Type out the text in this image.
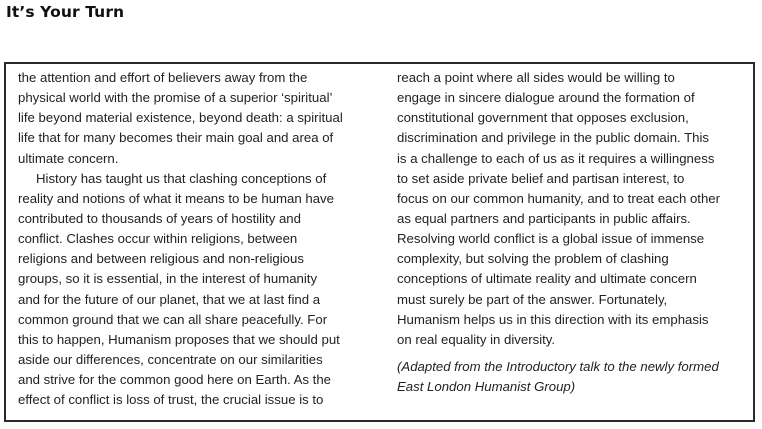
It’s Your Turn
the attention and effort of believers away from the
physical world with the promise of a superior ‘spiritual’
life beyond material existence, beyond death: a spiritual
life that for many becomes their main goal and area of
ultimate concern.
History has taught us that clashing conceptions of
reality and notions of what it means to be human have
contributed to thousands of years of hostility and
conflict. Clashes occur within religions, between
religions and between religious and non-religious
groups, so it is essential, in the interest of humanity
and for the future of our planet, that we at last find a
common ground that we can all share peacefully. For
this to happen, Humanism proposes that we should put
aside our differences, concentrate on our similarities
and strive for the common good here on Earth. As the
effect of conflict is loss of trust, the crucial issue is to
reach a point where all sides would be willing to
engage in sincere dialogue around the formation of
constitutional government that opposes exclusion,
discrimination and privilege in the public domain. This
is a challenge to each of us as it requires a willingness
to set aside private belief and partisan interest, to
focus on our common humanity, and to treat each other
as equal partners and participants in public affairs.
Resolving world conflict is a global issue of immense
complexity, but solving the problem of clashing
conceptions of ultimate reality and ultimate concern
must surely be part of the answer. Fortunately,
Humanism helps us in this direction with its emphasis
on real equality in diversity.
(Adapted from the Introductory talk to the newly formed
East London Humanist Group)
